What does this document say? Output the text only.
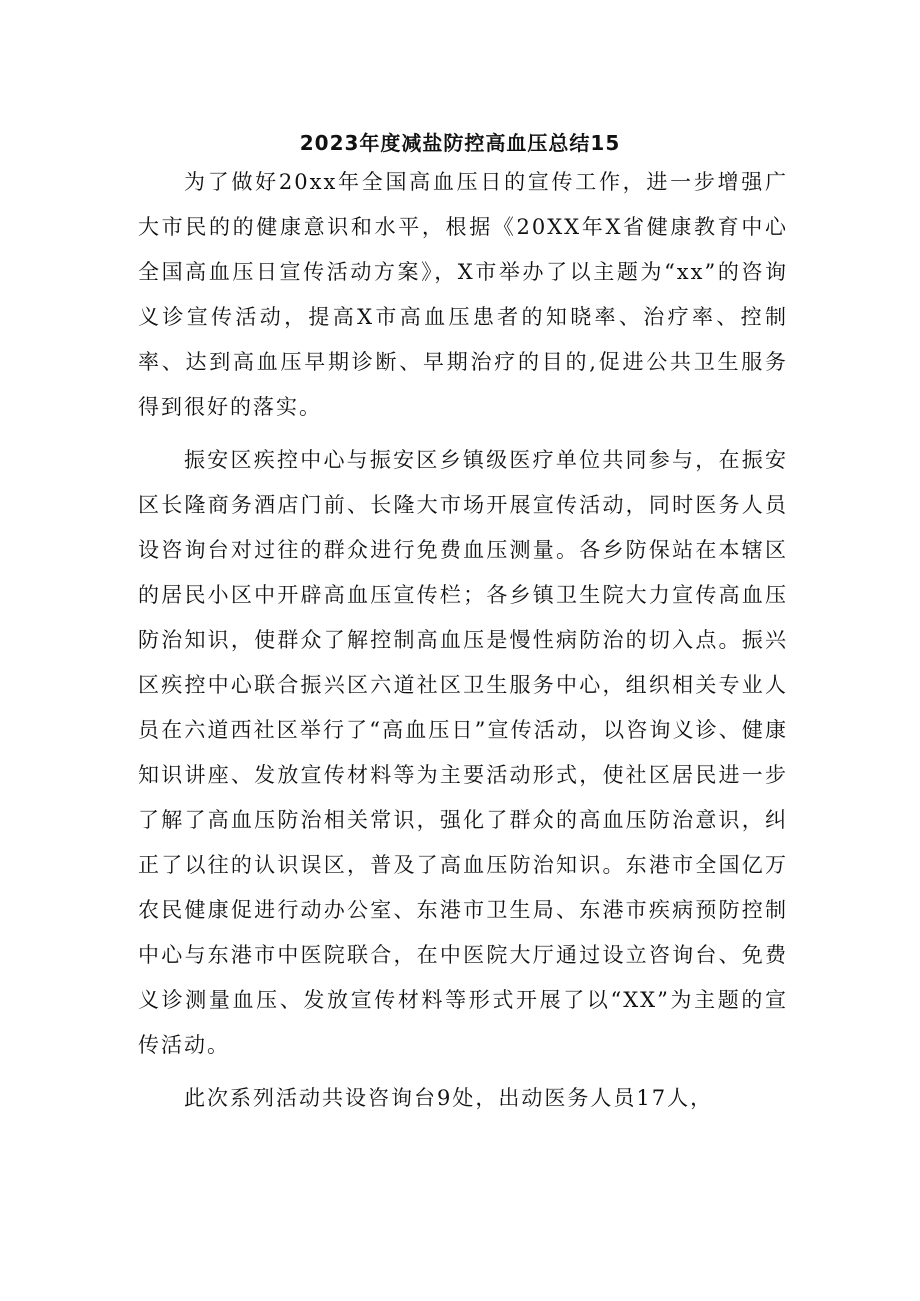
2023年度减盐防控高血压总结15

为了做好20xx年全国高血压日的宣传工作，进一步增强广大市民的的健康意识和水平，根据《20XX年X省健康教育中心全国高血压日宣传活动方案》，X市举办了以主题为“xx”的咨询义诊宣传活动，提高X市高血压患者的知晓率、治疗率、控制率、达到高血压早期诊断、早期治疗的目的,促进公共卫生服务得到很好的落实。

振安区疾控中心与振安区乡镇级医疗单位共同参与，在振安区长隆商务酒店门前、长隆大市场开展宣传活动，同时医务人员设咨询台对过往的群众进行免费血压测量。各乡防保站在本辖区的居民小区中开辟高血压宣传栏；各乡镇卫生院大力宣传高血压防治知识，使群众了解控制高血压是慢性病防治的切入点。振兴区疾控中心联合振兴区六道社区卫生服务中心，组织相关专业人员在六道西社区举行了“高血压日”宣传活动，以咨询义诊、健康知识讲座、发放宣传材料等为主要活动形式，使社区居民进一步了解了高血压防治相关常识，强化了群众的高血压防治意识，纠正了以往的认识误区，普及了高血压防治知识。东港市全国亿万农民健康促进行动办公室、东港市卫生局、东港市疾病预防控制中心与东港市中医院联合，在中医院大厅通过设立咨询台、免费义诊测量血压、发放宣传材料等形式开展了以“XX”为主题的宣传活动。

此次系列活动共设咨询台9处，出动医务人员17人，
